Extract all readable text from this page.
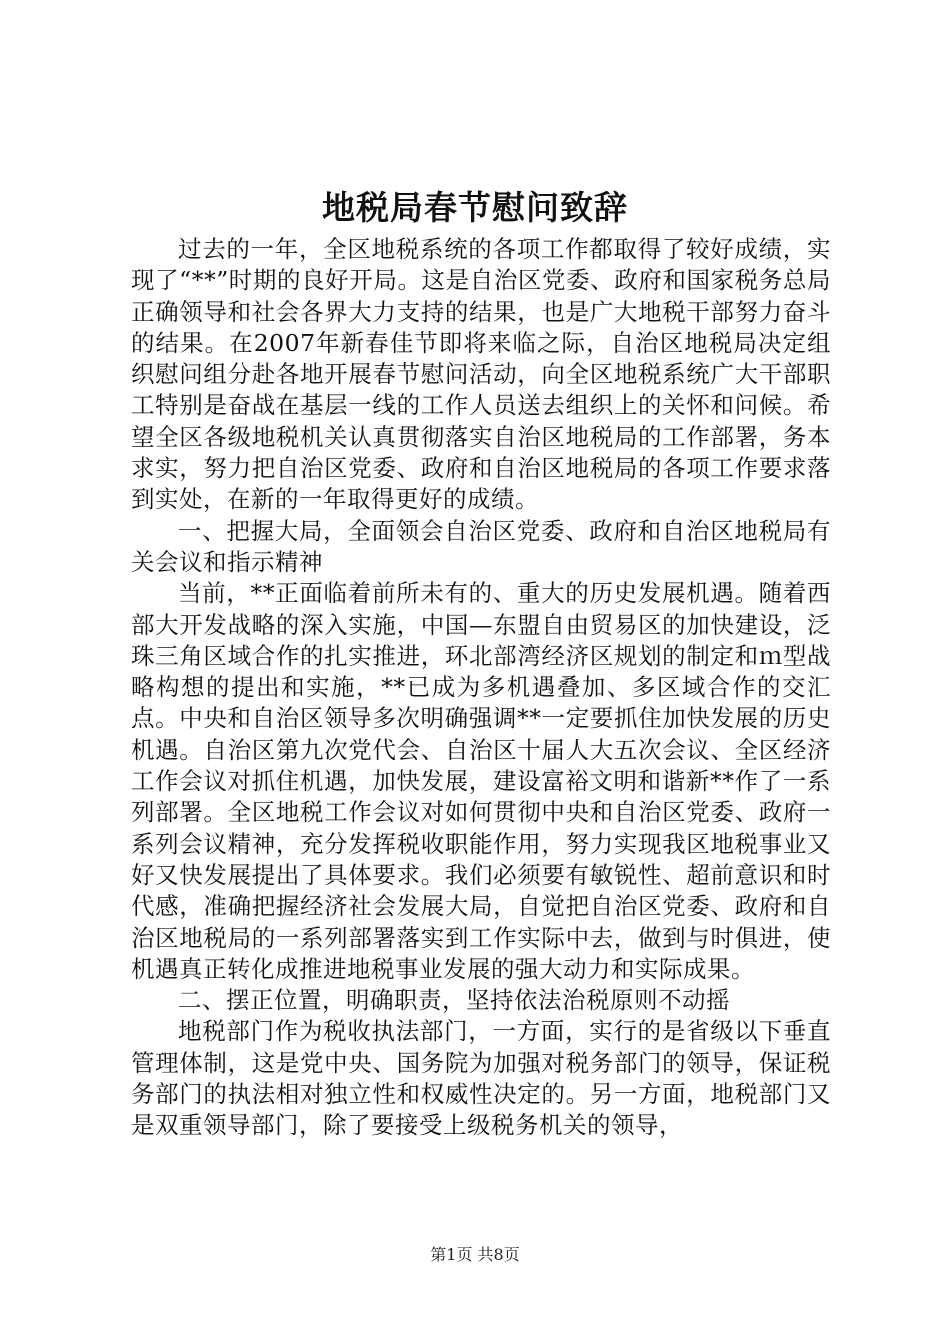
地税局春节慰问致辞

过去的一年，全区地税系统的各项工作都取得了较好成绩，实现了“**”时期的良好开局。这是自治区党委、政府和国家税务总局正确领导和社会各界大力支持的结果，也是广大地税干部努力奋斗的结果。在2007年新春佳节即将来临之际，自治区地税局决定组织慰问组分赴各地开展春节慰问活动，向全区地税系统广大干部职工特别是奋战在基层一线的工作人员送去组织上的关怀和问候。希望全区各级地税机关认真贯彻落实自治区地税局的工作部署，务本求实，努力把自治区党委、政府和自治区地税局的各项工作要求落到实处，在新的一年取得更好的成绩。

一、把握大局，全面领会自治区党委、政府和自治区地税局有关会议和指示精神

当前，**正面临着前所未有的、重大的历史发展机遇。随着西部大开发战略的深入实施，中国—东盟自由贸易区的加快建设，泛珠三角区域合作的扎实推进，环北部湾经济区规划的制定和ｍ型战略构想的提出和实施，**已成为多机遇叠加、多区域合作的交汇点。中央和自治区领导多次明确强调**一定要抓住加快发展的历史机遇。自治区第九次党代会、自治区十届人大五次会议、全区经济工作会议对抓住机遇，加快发展，建设富裕文明和谐新**作了一系列部署。全区地税工作会议对如何贯彻中央和自治区党委、政府一系列会议精神，充分发挥税收职能作用，努力实现我区地税事业又好又快发展提出了具体要求。我们必须要有敏锐性、超前意识和时代感，准确把握经济社会发展大局，自觉把自治区党委、政府和自治区地税局的一系列部署落实到工作实际中去，做到与时俱进，使机遇真正转化成推进地税事业发展的强大动力和实际成果。

二、摆正位置，明确职责，坚持依法治税原则不动摇

地税部门作为税收执法部门，一方面，实行的是省级以下垂直管理体制，这是党中央、国务院为加强对税务部门的领导，保证税务部门的执法相对独立性和权威性决定的。另一方面，地税部门又是双重领导部门，除了要接受上级税务机关的领导，

第1页 共8页
